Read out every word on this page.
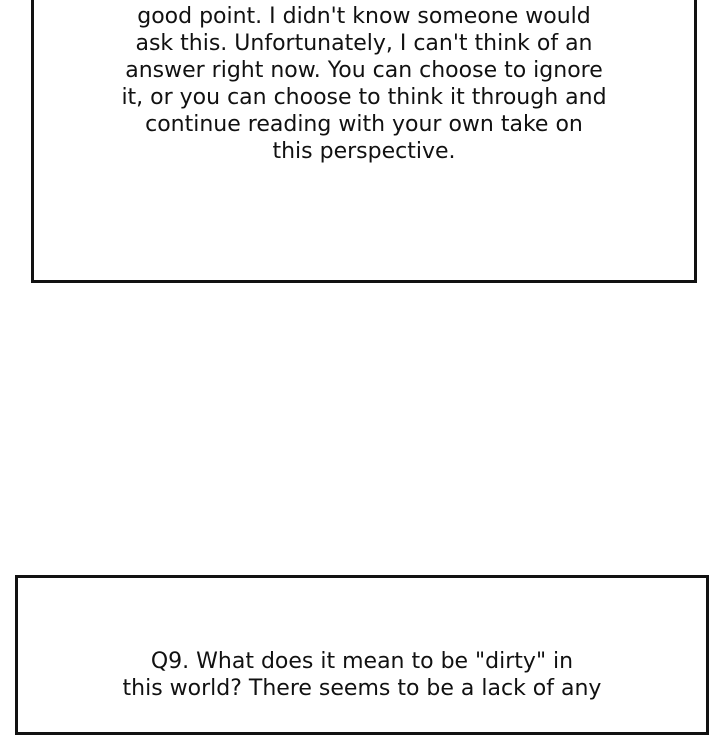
good point. I didn't know someone would
ask this. Unfortunately, I can't think of an
answer right now. You can choose to ignore
it, or you can choose to think it through and
continue reading with your own take on
this perspective.
Q9. What does it mean to be "dirty" in
this world? There seems to be a lack of any
